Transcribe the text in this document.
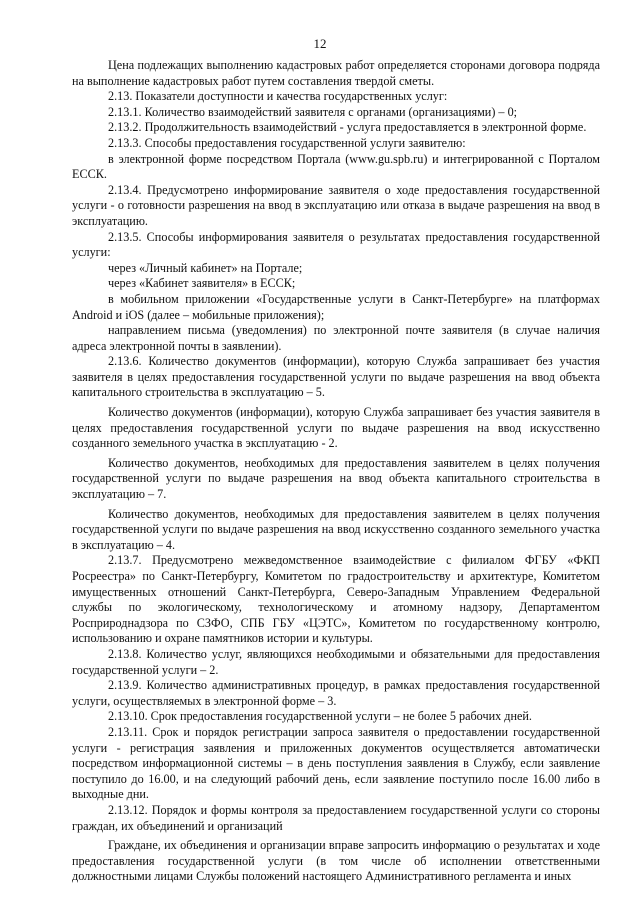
12

Цена подлежащих выполнению кадастровых работ определяется сторонами договора подряда на выполнение кадастровых работ путем составления твердой сметы.

2.13. Показатели доступности и качества государственных услуг:

2.13.1. Количество взаимодействий заявителя с органами (организациями) – 0;

2.13.2. Продолжительность взаимодействий - услуга предоставляется в электронной форме.

2.13.3. Способы предоставления государственной услуги заявителю:

в электронной форме посредством Портала (www.gu.spb.ru) и интегрированной с Порталом ЕССК.

2.13.4. Предусмотрено информирование заявителя о ходе предоставления государственной услуги - о готовности разрешения на ввод в эксплуатацию или отказа в выдаче разрешения на ввод в эксплуатацию.

2.13.5. Способы информирования заявителя о результатах предоставления государственной услуги:

через «Личный кабинет» на Портале;

через «Кабинет заявителя» в ЕССК;

в мобильном приложении «Государственные услуги в Санкт-Петербурге» на платформах Android и iOS (далее – мобильные приложения);

направлением письма (уведомления) по электронной почте заявителя (в случае наличия адреса электронной почты в заявлении).

2.13.6. Количество документов (информации), которую Служба запрашивает без участия заявителя в целях предоставления государственной услуги по выдаче разрешения на ввод объекта капитального строительства в эксплуатацию – 5.

Количество документов (информации), которую Служба запрашивает без участия заявителя в целях предоставления государственной услуги по выдаче разрешения на ввод искусственно созданного земельного участка в эксплуатацию - 2.

Количество документов, необходимых для предоставления заявителем в целях получения государственной услуги по выдаче разрешения на ввод объекта капитального строительства в эксплуатацию – 7.

Количество документов, необходимых для предоставления заявителем в целях получения государственной услуги по выдаче разрешения на ввод искусственно созданного земельного участка в эксплуатацию – 4.

2.13.7. Предусмотрено межведомственное взаимодействие с филиалом ФГБУ «ФКП Росреестра» по Санкт-Петербургу, Комитетом по градостроительству и архитектуре, Комитетом имущественных отношений Санкт-Петербурга, Северо-Западным Управлением Федеральной службы по экологическому, технологическому и атомному надзору, Департаментом Росприроднадзора по СЗФО, СПБ ГБУ «ЦЭТС», Комитетом по государственному контролю, использованию и охране памятников истории и культуры.

2.13.8. Количество услуг, являющихся необходимыми и обязательными для предоставления государственной услуги – 2.

2.13.9. Количество административных процедур, в рамках предоставления государственной услуги, осуществляемых в электронной форме – 3.

2.13.10. Срок предоставления государственной услуги – не более 5 рабочих дней.

2.13.11. Срок и порядок регистрации запроса заявителя о предоставлении государственной услуги - регистрация заявления и приложенных документов осуществляется автоматически посредством информационной системы – в день поступления заявления в Службу, если заявление поступило до 16.00, и на следующий рабочий день, если заявление поступило после 16.00 либо в выходные дни.

2.13.12. Порядок и формы контроля за предоставлением государственной услуги со стороны граждан, их объединений и организаций

Граждане, их объединения и организации вправе запросить информацию о результатах и ходе предоставления государственной услуги (в том числе об исполнении ответственными должностными лицами Службы положений настоящего Административного регламента и иных
